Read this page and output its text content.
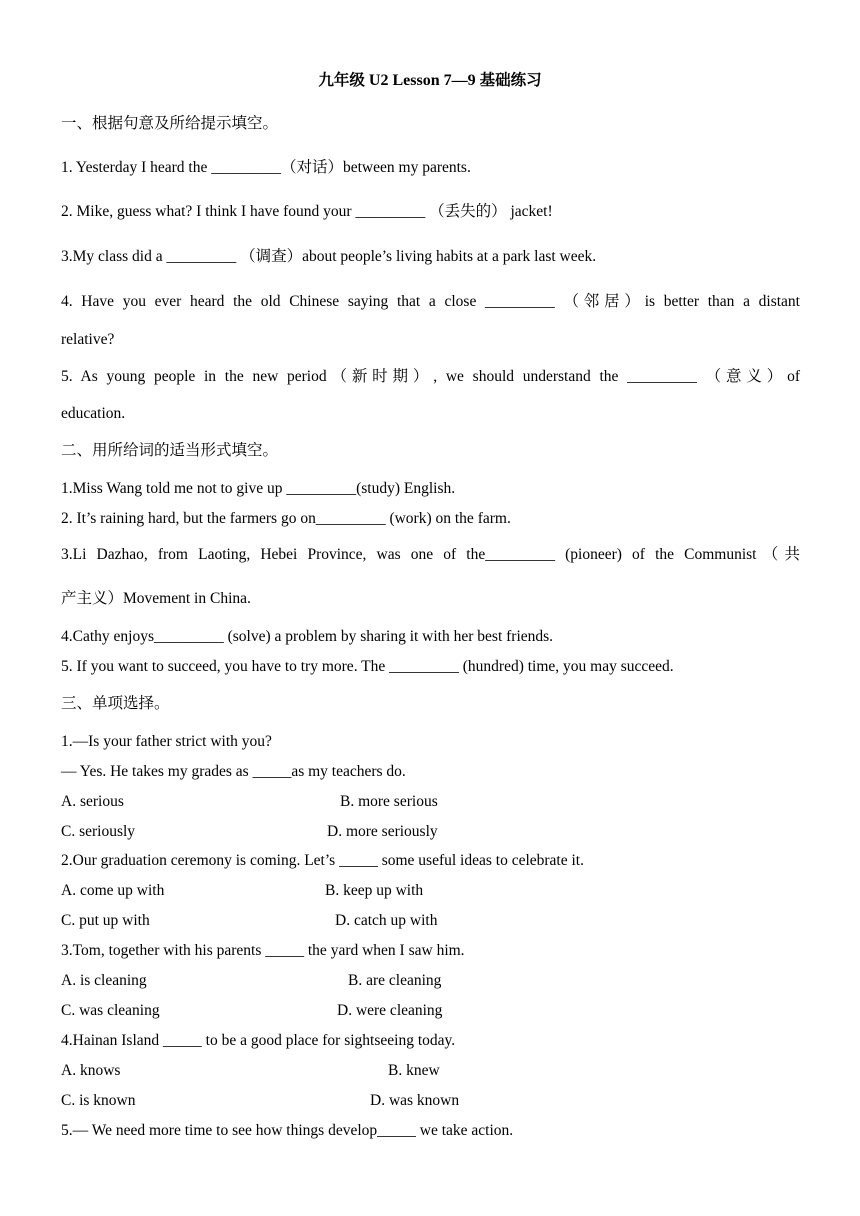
九年级 U2 Lesson 7—9 基础练习
一、根据句意及所给提示填空。
1. Yesterday I heard the _________（对话）between my parents.
2. Mike, guess what? I think I have found your _________ （丢失的） jacket!
3.My class did a _________ （调查）about people’s living habits at a park last week.
4. Have you ever heard the old Chinese saying that a close _________ （邻居）is better than a distant
relative?
5. As young people in the new period（新时期）, we should understand the _________ （意义）of
education.
二、用所给词的适当形式填空。
1.Miss Wang told me not to give up _________(study) English.
2. It’s raining hard, but the farmers go on_________ (work) on the farm.
3.Li Dazhao, from Laoting, Hebei Province, was one of the_________ (pioneer) of the Communist（共
产主义）Movement in China.
4.Cathy enjoys_________ (solve) a problem by sharing it with her best friends.
5. If you want to succeed, you have to try more. The _________ (hundred) time, you may succeed.
三、单项选择。
1.—Is your father strict with you?
— Yes. He takes my grades as _____as my teachers do.
A. serious	B. more serious
C. seriously	D. more seriously
2.Our graduation ceremony is coming. Let’s _____ some useful ideas to celebrate it.
A. come up with	B. keep up with
C. put up with	D. catch up with
3.Tom, together with his parents _____ the yard when I saw him.
A. is cleaning	B. are cleaning
C. was cleaning	D. were cleaning
4.Hainan Island _____ to be a good place for sightseeing today.
A. knows	B. knew
C. is known	D. was known
5.— We need more time to see how things develop_____ we take action.
